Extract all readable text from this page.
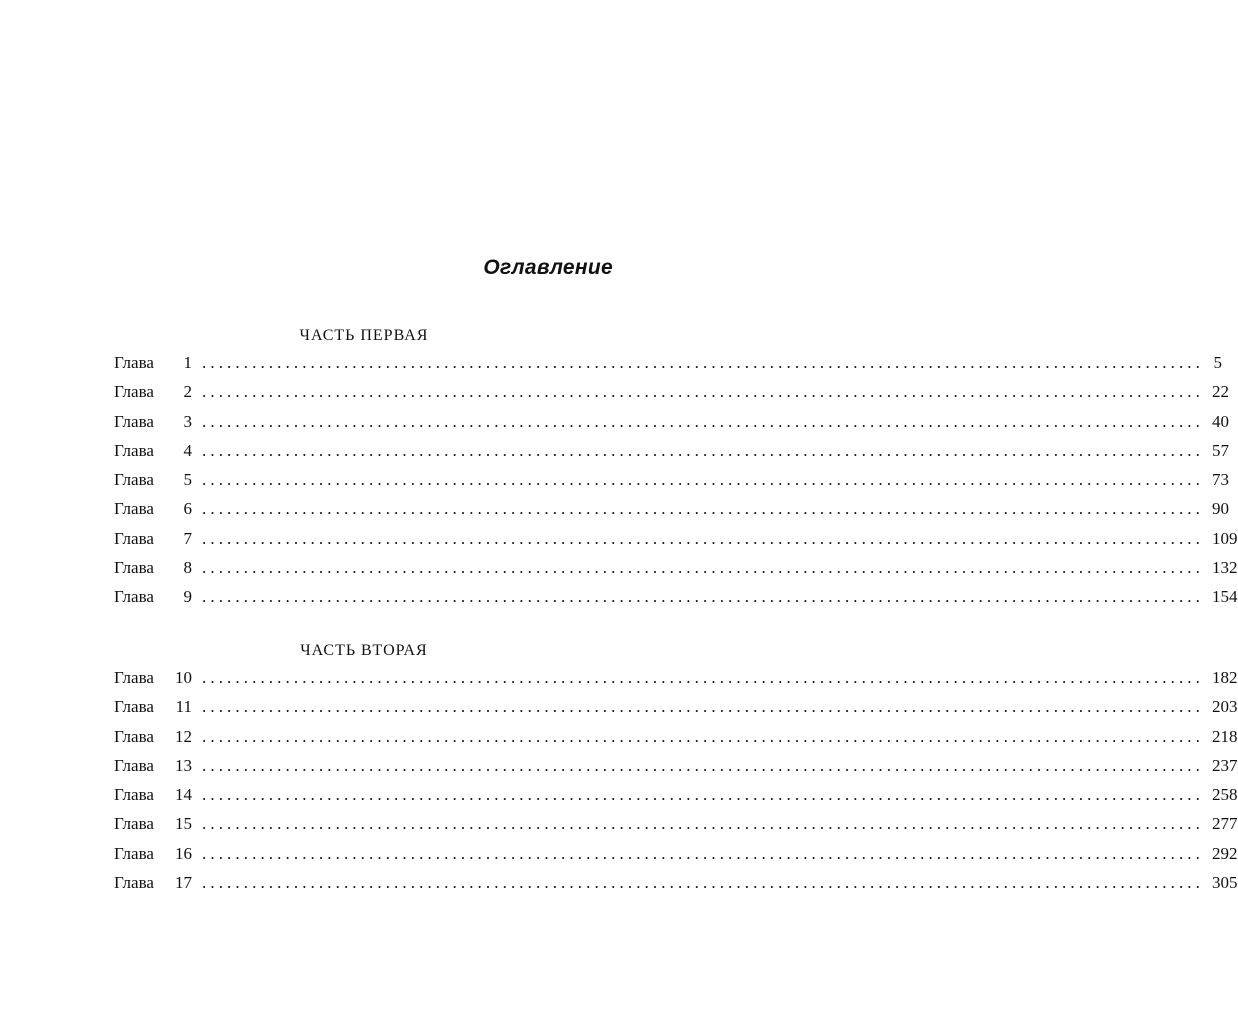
Оглавление
ЧАСТЬ ПЕРВАЯ
Глава	1 ........................................................................................................................ 5
Глава	2 ........................................................................................................................ 22
Глава	3 ........................................................................................................................ 40
Глава	4 ........................................................................................................................ 57
Глава	5 ........................................................................................................................ 73
Глава	6 ........................................................................................................................ 90
Глава	7 ........................................................................................................................ 109
Глава	8 ........................................................................................................................ 132
Глава	9 ........................................................................................................................ 154
ЧАСТЬ ВТОРАЯ
Глава	10 ........................................................................................................................ 182
Глава	11 ........................................................................................................................ 203
Глава	12 ........................................................................................................................ 218
Глава	13 ........................................................................................................................ 237
Глава	14 ........................................................................................................................ 258
Глава	15 ........................................................................................................................ 277
Глава	16 ........................................................................................................................ 292
Глава	17 ........................................................................................................................ 305
